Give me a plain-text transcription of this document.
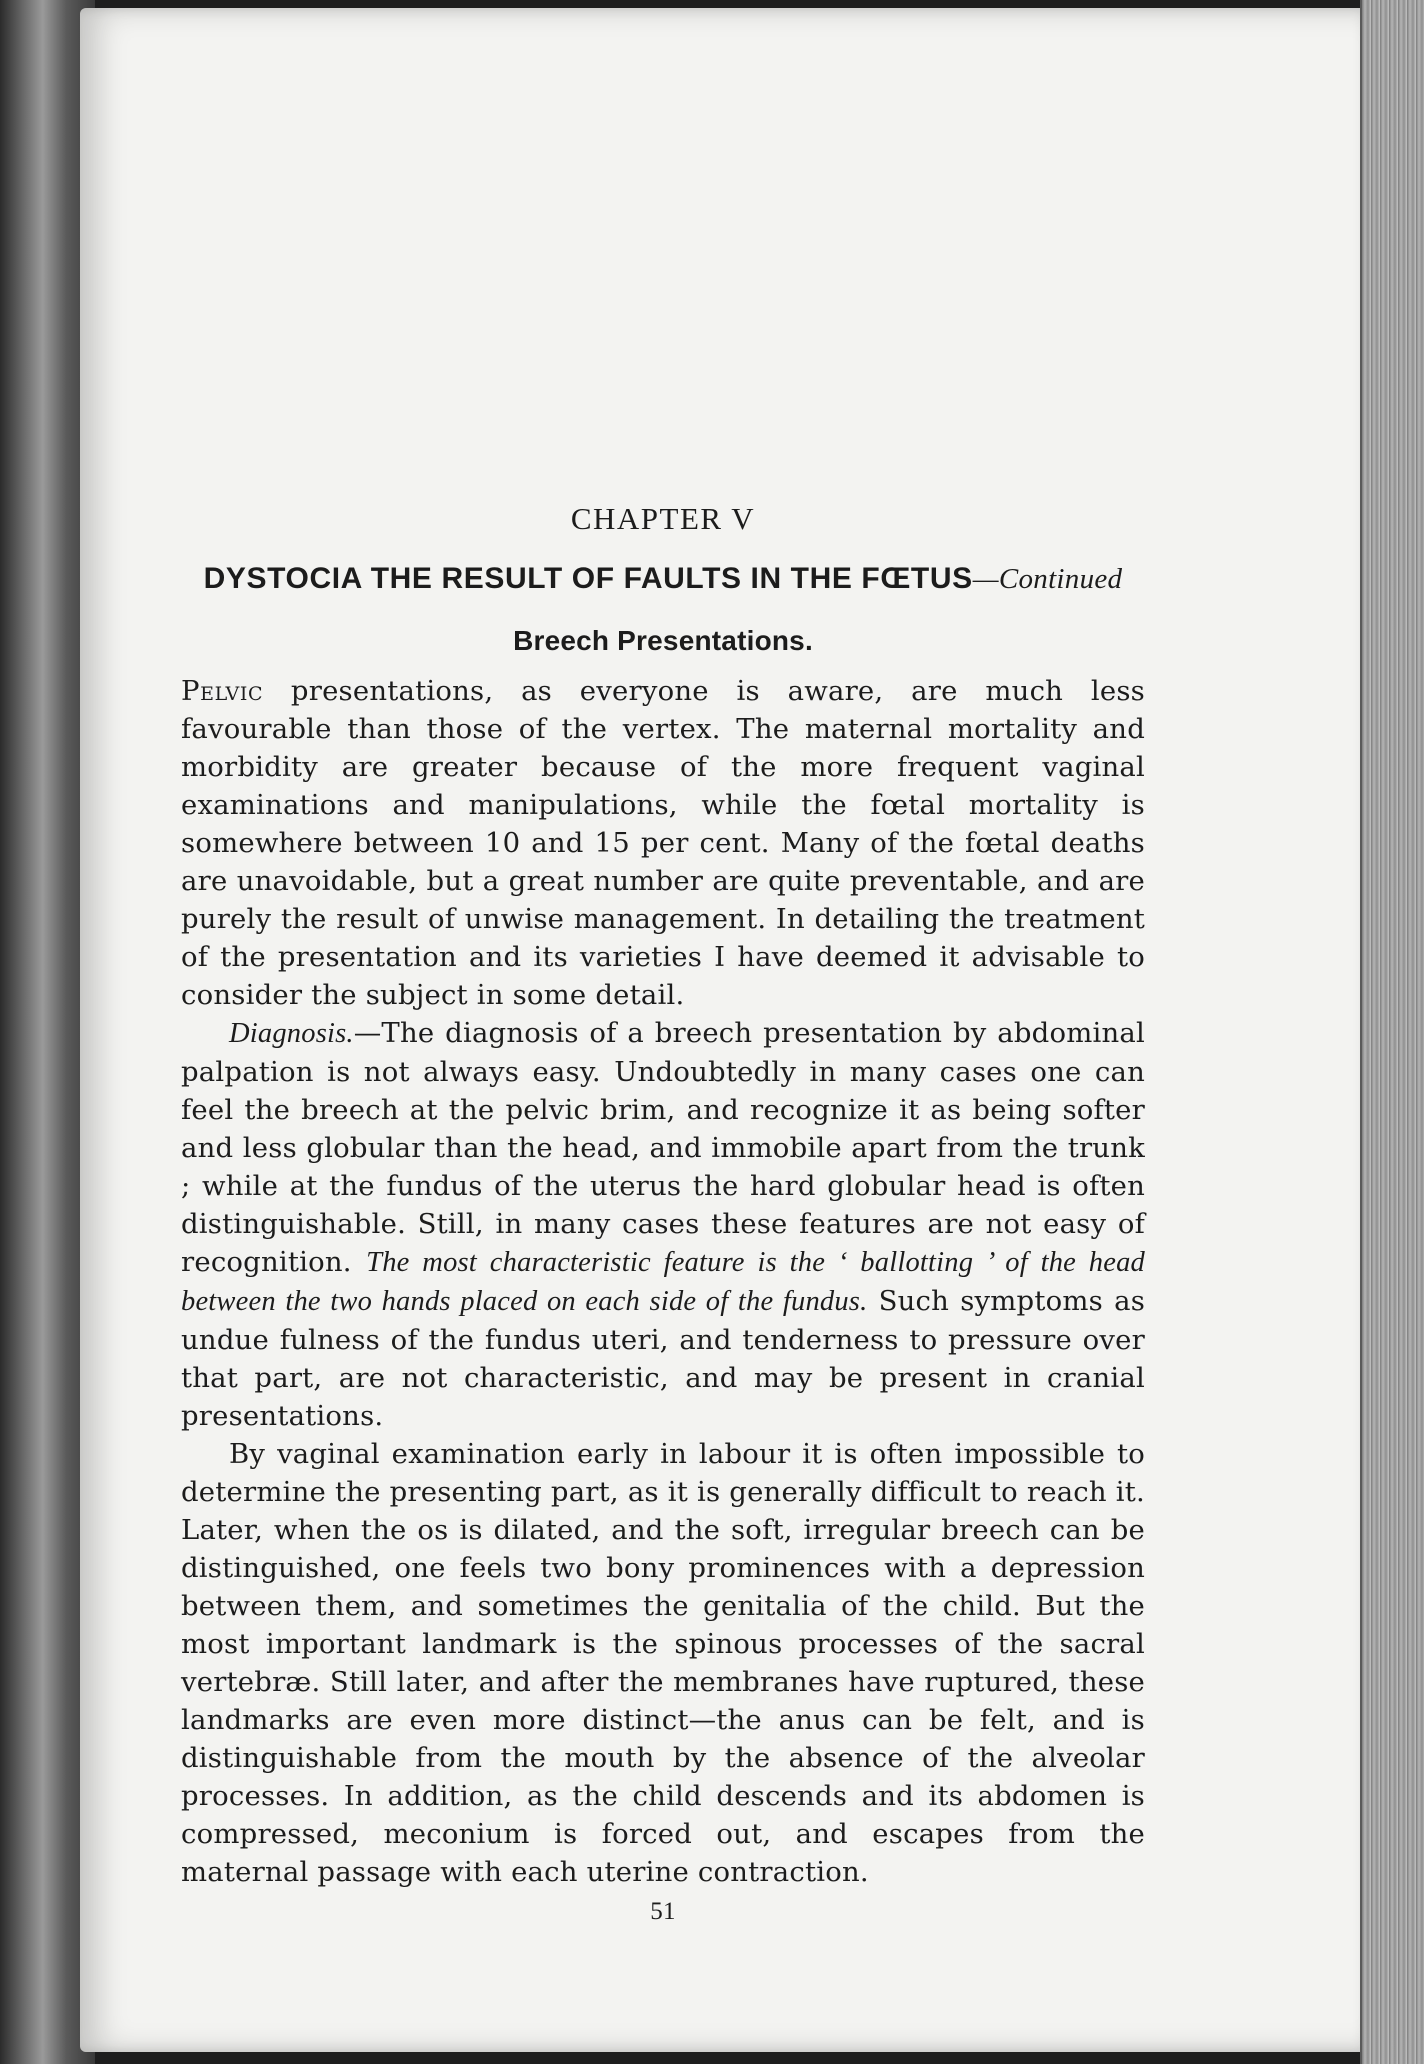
CHAPTER V
DYSTOCIA THE RESULT OF FAULTS IN THE FŒTUS—Continued
Breech Presentations.

Pelvic presentations, as everyone is aware, are much less favourable than those of the vertex. The maternal mortality and morbidity are greater because of the more frequent vaginal examinations and manipulations, while the fœtal mortality is somewhere between 10 and 15 per cent. Many of the fœtal deaths are unavoidable, but a great number are quite preventable, and are purely the result of unwise management. In detailing the treatment of the presentation and its varieties I have deemed it advisable to consider the subject in some detail.

Diagnosis.—The diagnosis of a breech presentation by abdominal palpation is not always easy. Undoubtedly in many cases one can feel the breech at the pelvic brim, and recognize it as being softer and less globular than the head, and immobile apart from the trunk ; while at the fundus of the uterus the hard globular head is often distinguishable. Still, in many cases these features are not easy of recognition. The most characteristic feature is the ‘ ballotting ’ of the head between the two hands placed on each side of the fundus. Such symptoms as undue fulness of the fundus uteri, and tenderness to pressure over that part, are not characteristic, and may be present in cranial presentations.

By vaginal examination early in labour it is often impossible to determine the presenting part, as it is generally difficult to reach it. Later, when the os is dilated, and the soft, irregular breech can be distinguished, one feels two bony prominences with a depression between them, and sometimes the genitalia of the child. But the most important landmark is the spinous processes of the sacral vertebræ. Still later, and after the membranes have ruptured, these landmarks are even more distinct—the anus can be felt, and is distinguishable from the mouth by the absence of the alveolar processes. In addition, as the child descends and its abdomen is compressed, meconium is forced out, and escapes from the maternal passage with each uterine contraction.

51
